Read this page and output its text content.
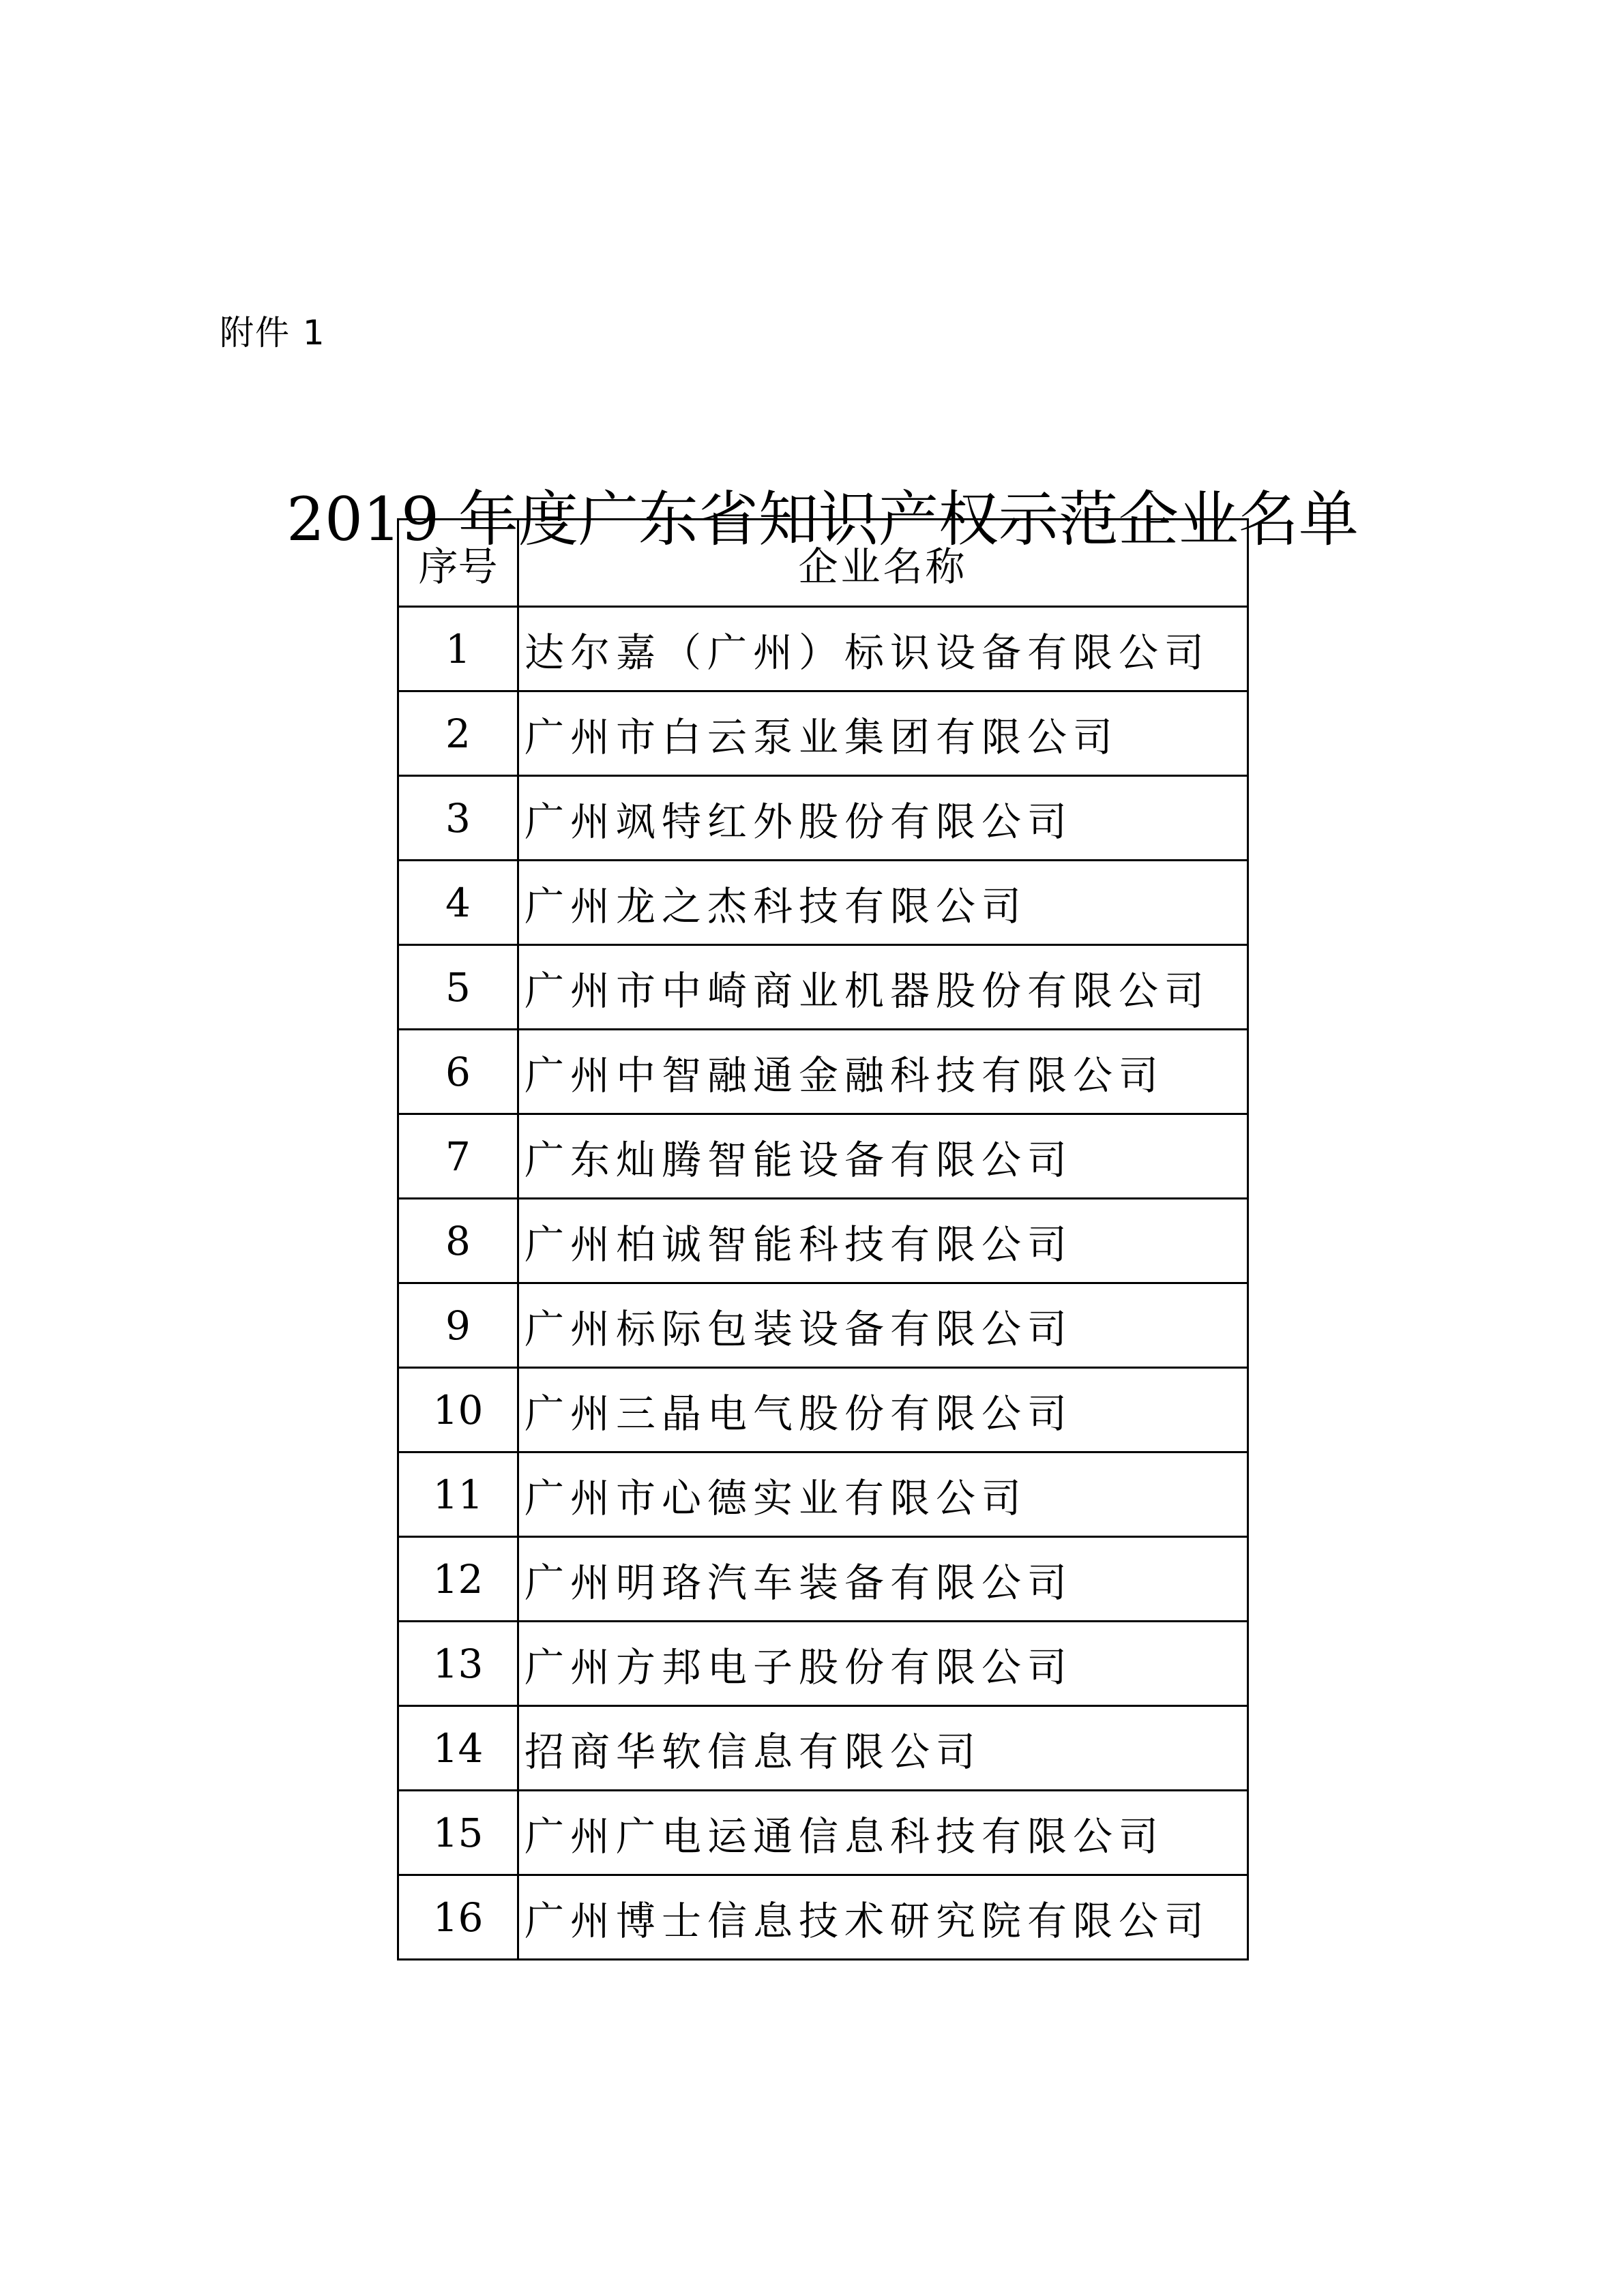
附件 1
2019 年度广东省知识产权示范企业名单
序号	企业名称
1	达尔嘉（广州）标识设备有限公司
2	广州市白云泵业集团有限公司
3	广州飒特红外股份有限公司
4	广州龙之杰科技有限公司
5	广州市中崎商业机器股份有限公司
6	广州中智融通金融科技有限公司
7	广东灿腾智能设备有限公司
8	广州柏诚智能科技有限公司
9	广州标际包装设备有限公司
10	广州三晶电气股份有限公司
11	广州市心德实业有限公司
12	广州明珞汽车装备有限公司
13	广州方邦电子股份有限公司
14	招商华软信息有限公司
15	广州广电运通信息科技有限公司
16	广州博士信息技术研究院有限公司
